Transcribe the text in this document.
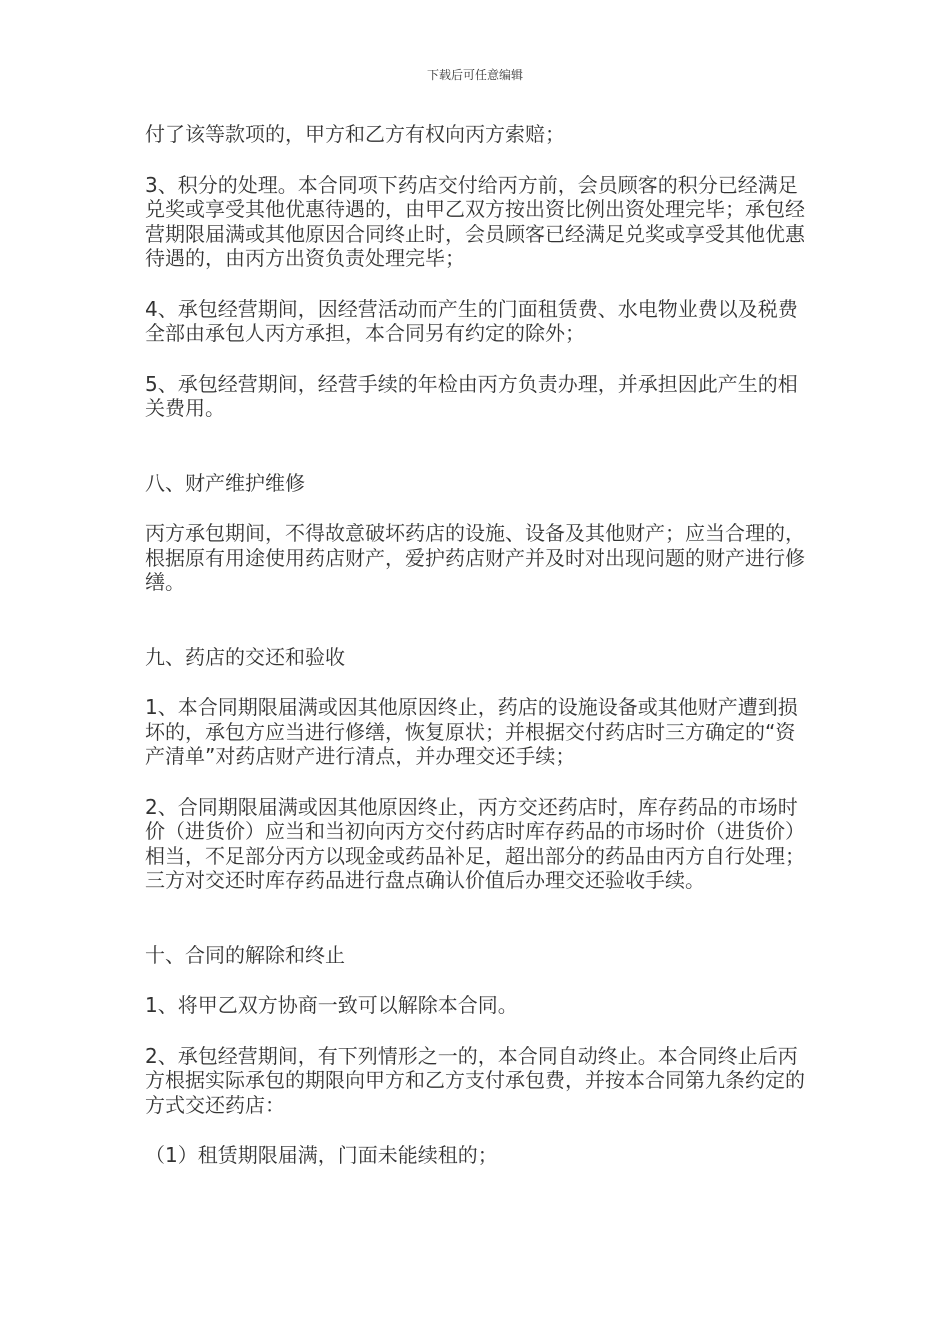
下载后可任意编辑

付了该等款项的，甲方和乙方有权向丙方索赔；

3、积分的处理。本合同项下药店交付给丙方前，会员顾客的积分已经满足兑奖或享受其他优惠待遇的，由甲乙双方按出资比例出资处理完毕；承包经营期限届满或其他原因合同终止时，会员顾客已经满足兑奖或享受其他优惠待遇的，由丙方出资负责处理完毕；

4、承包经营期间，因经营活动而产生的门面租赁费、水电物业费以及税费全部由承包人丙方承担，本合同另有约定的除外；

5、承包经营期间，经营手续的年检由丙方负责办理，并承担因此产生的相关费用。

八、财产维护维修

丙方承包期间，不得故意破坏药店的设施、设备及其他财产；应当合理的，根据原有用途使用药店财产，爱护药店财产并及时对出现问题的财产进行修缮。

九、药店的交还和验收

1、本合同期限届满或因其他原因终止，药店的设施设备或其他财产遭到损坏的，承包方应当进行修缮，恢复原状；并根据交付药店时三方确定的“资产清单”对药店财产进行清点，并办理交还手续；

2、合同期限届满或因其他原因终止，丙方交还药店时，库存药品的市场时价（进货价）应当和当初向丙方交付药店时库存药品的市场时价（进货价）相当，不足部分丙方以现金或药品补足，超出部分的药品由丙方自行处理；三方对交还时库存药品进行盘点确认价值后办理交还验收手续。

十、合同的解除和终止

1、将甲乙双方协商一致可以解除本合同。

2、承包经营期间，有下列情形之一的，本合同自动终止。本合同终止后丙方根据实际承包的期限向甲方和乙方支付承包费，并按本合同第九条约定的方式交还药店：

（1）租赁期限届满，门面未能续租的；
